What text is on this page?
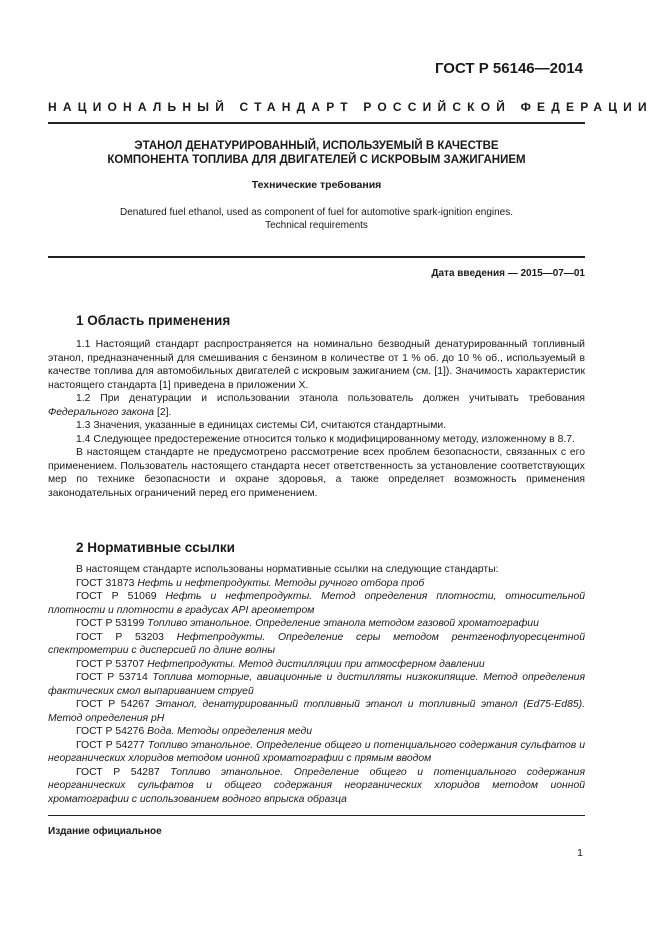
ГОСТ Р 56146—2014
НАЦИОНАЛЬНЫЙ СТАНДАРТ РОССИЙСКОЙ ФЕДЕРАЦИИ
ЭТАНОЛ ДЕНАТУРИРОВАННЫЙ, ИСПОЛЬЗУЕМЫЙ В КАЧЕСТВЕ
КОМПОНЕНТА ТОПЛИВА ДЛЯ ДВИГАТЕЛЕЙ С ИСКРОВЫМ ЗАЖИГАНИЕМ
Технические требования
Denatured fuel ethanol, used as component of fuel for automotive spark-ignition engines.
Technical requirements
Дата введения — 2015—07—01
1 Область применения

1.1 Настоящий стандарт распространяется на номинально безводный денатурированный топливный этанол, предназначенный для смешивания с бензином в количестве от 1 % об. до 10 % об., используемый в качестве топлива для автомобильных двигателей с искровым зажиганием (см. [1]). Значимость характеристик настоящего стандарта [1] приведена в приложении Х.

1.2 При денатурации и использовании этанола пользователь должен учитывать требования Федерального закона [2].

1.3 Значения, указанные в единицах системы СИ, считаются стандартными.

1.4 Следующее предостережение относится только к модифицированному методу, изложенному в 8.7.

В настоящем стандарте не предусмотрено рассмотрение всех проблем безопасности, связанных с его применением. Пользователь настоящего стандарта несет ответственность за установление соответствующих мер по технике безопасности и охране здоровья, а также определяет возможность применения законодательных ограничений перед его применением.

2 Нормативные ссылки

В настоящем стандарте использованы нормативные ссылки на следующие стандарты:

ГОСТ 31873 Нефть и нефтепродукты. Методы ручного отбора проб

ГОСТ Р 51069 Нефть и нефтепродукты. Метод определения плотности, относительной плотности и плотности в градусах API ареометром

ГОСТ Р 53199 Топливо этанольное. Определение этанола методом газовой хроматографии

ГОСТ Р 53203 Нефтепродукты. Определение серы методом рентгенофлуоресцентной спектрометрии с дисперсией по длине волны

ГОСТ Р 53707 Нефтепродукты. Метод дистилляции при атмосферном давлении

ГОСТ Р 53714 Топлива моторные, авиационные и дистилляты низкокипящие. Метод определения фактических смол выпариванием струей

ГОСТ Р 54267 Этанол, денатурированный топливный этанол и топливный этанол (Ed75-Ed85). Метод определения pH

ГОСТ Р 54276 Вода. Методы определения меди

ГОСТ Р 54277 Топливо этанольное. Определение общего и потенциального содержания сульфатов и неорганических хлоридов методом ионной хроматографии с прямым вводом

ГОСТ Р 54287 Топливо этанольное. Определение общего и потенциального содержания неорганических сульфатов и общего содержания неорганических хлоридов методом ионной хроматографии с использованием водного впрыска образца

Издание официальное
1
